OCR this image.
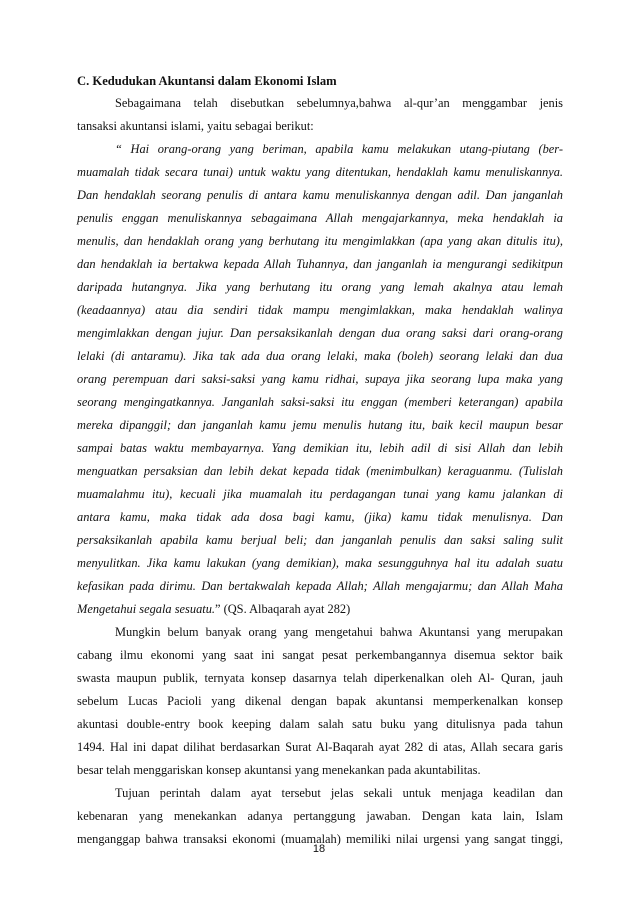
C. Kedudukan Akuntansi dalam Ekonomi Islam
Sebagaimana telah disebutkan sebelumnya,bahwa al-qur’an menggambar jenis
tansaksi akuntansi islami, yaitu sebagai berikut:
“ Hai orang-orang yang beriman, apabila kamu melakukan utang-piutang (ber-
muamalah tidak secara tunai) untuk waktu yang ditentukan, hendaklah kamu menuliskannya.
Dan hendaklah seorang penulis di antara kamu menuliskannya dengan adil. Dan janganlah
penulis enggan menuliskannya sebagaimana Allah mengajarkannya, meka hendaklah ia
menulis, dan hendaklah orang yang berhutang itu mengimlakkan (apa yang akan ditulis itu),
dan hendaklah ia bertakwa kepada Allah Tuhannya, dan janganlah ia mengurangi sedikitpun
daripada hutangnya. Jika yang berhutang itu orang yang lemah akalnya atau lemah
(keadaannya) atau dia sendiri tidak mampu mengimlakkan, maka hendaklah walinya
mengimlakkan dengan jujur. Dan persaksikanlah dengan dua orang saksi dari orang-orang
lelaki (di antaramu). Jika tak ada dua orang lelaki, maka (boleh) seorang lelaki dan dua
orang perempuan dari saksi-saksi yang kamu ridhai, supaya jika seorang lupa maka yang
seorang mengingatkannya. Janganlah saksi-saksi itu enggan (memberi keterangan) apabila
mereka dipanggil; dan janganlah kamu jemu menulis hutang itu, baik kecil maupun besar
sampai batas waktu membayarnya. Yang demikian itu, lebih adil di sisi Allah dan lebih
menguatkan persaksian dan lebih dekat kepada tidak (menimbulkan) keraguanmu. (Tulislah
muamalahmu itu), kecuali jika muamalah itu perdagangan tunai yang kamu jalankan di
antara kamu, maka tidak ada dosa bagi kamu, (jika) kamu tidak menulisnya. Dan
persaksikanlah apabila kamu berjual beli; dan janganlah penulis dan saksi saling sulit
menyulitkan. Jika kamu lakukan (yang demikian), maka sesungguhnya hal itu adalah suatu
kefasikan pada dirimu. Dan bertakwalah kepada Allah; Allah mengajarmu; dan Allah Maha
Mengetahui segala sesuatu.” (QS. Albaqarah ayat 282)
Mungkin belum banyak orang yang mengetahui bahwa Akuntansi yang merupakan
cabang ilmu ekonomi yang saat ini sangat pesat perkembangannya disemua sektor baik
swasta maupun publik, ternyata konsep dasarnya telah diperkenalkan oleh Al- Quran, jauh
sebelum Lucas Pacioli yang dikenal dengan bapak akuntansi memperkenalkan konsep
akuntasi double-entry book keeping dalam salah satu buku yang ditulisnya pada tahun
1494. Hal ini dapat dilihat berdasarkan Surat Al-Baqarah ayat 282 di atas, Allah secara garis
besar telah menggariskan konsep akuntansi yang menekankan pada akuntabilitas.
Tujuan perintah dalam ayat tersebut jelas sekali untuk menjaga keadilan dan
kebenaran yang menekankan adanya pertanggung jawaban. Dengan kata lain, Islam
menganggap bahwa transaksi ekonomi (muamalah) memiliki nilai urgensi yang sangat tinggi,
18
